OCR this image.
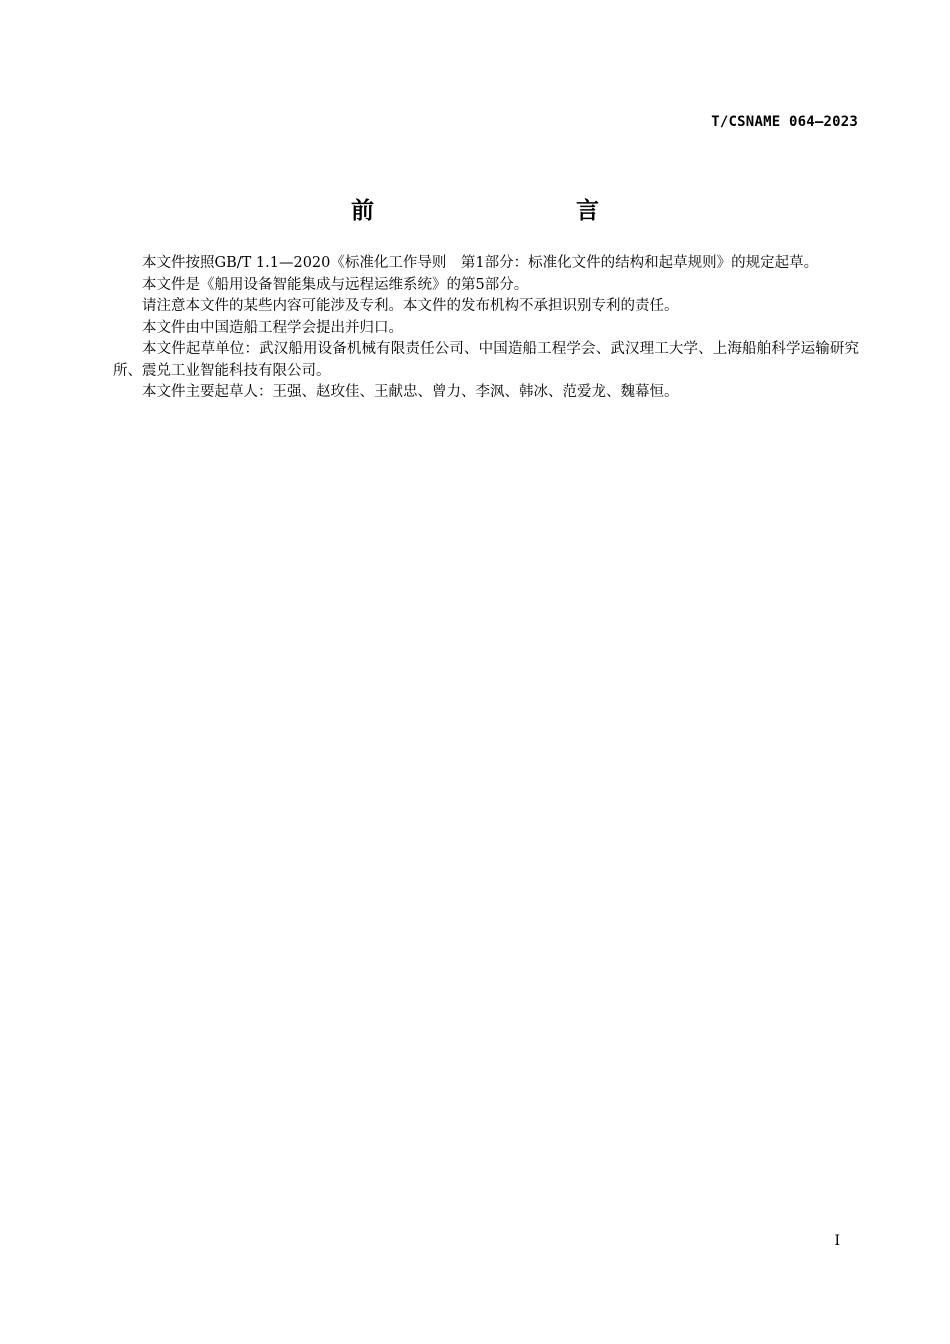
T/CSNAME 064—2023
前　　言

本文件按照GB/T 1.1—2020《标准化工作导则　第1部分：标准化文件的结构和起草规则》的规定起草。

本文件是《船用设备智能集成与远程运维系统》的第5部分。

请注意本文件的某些内容可能涉及专利。本文件的发布机构不承担识别专利的责任。

本文件由中国造船工程学会提出并归口。

本文件起草单位：武汉船用设备机械有限责任公司、中国造船工程学会、武汉理工大学、上海船舶科学运输研究所、震兑工业智能科技有限公司。

本文件主要起草人：王强、赵玫佳、王献忠、曾力、李沨、韩冰、范爱龙、魏幕恒。

I
